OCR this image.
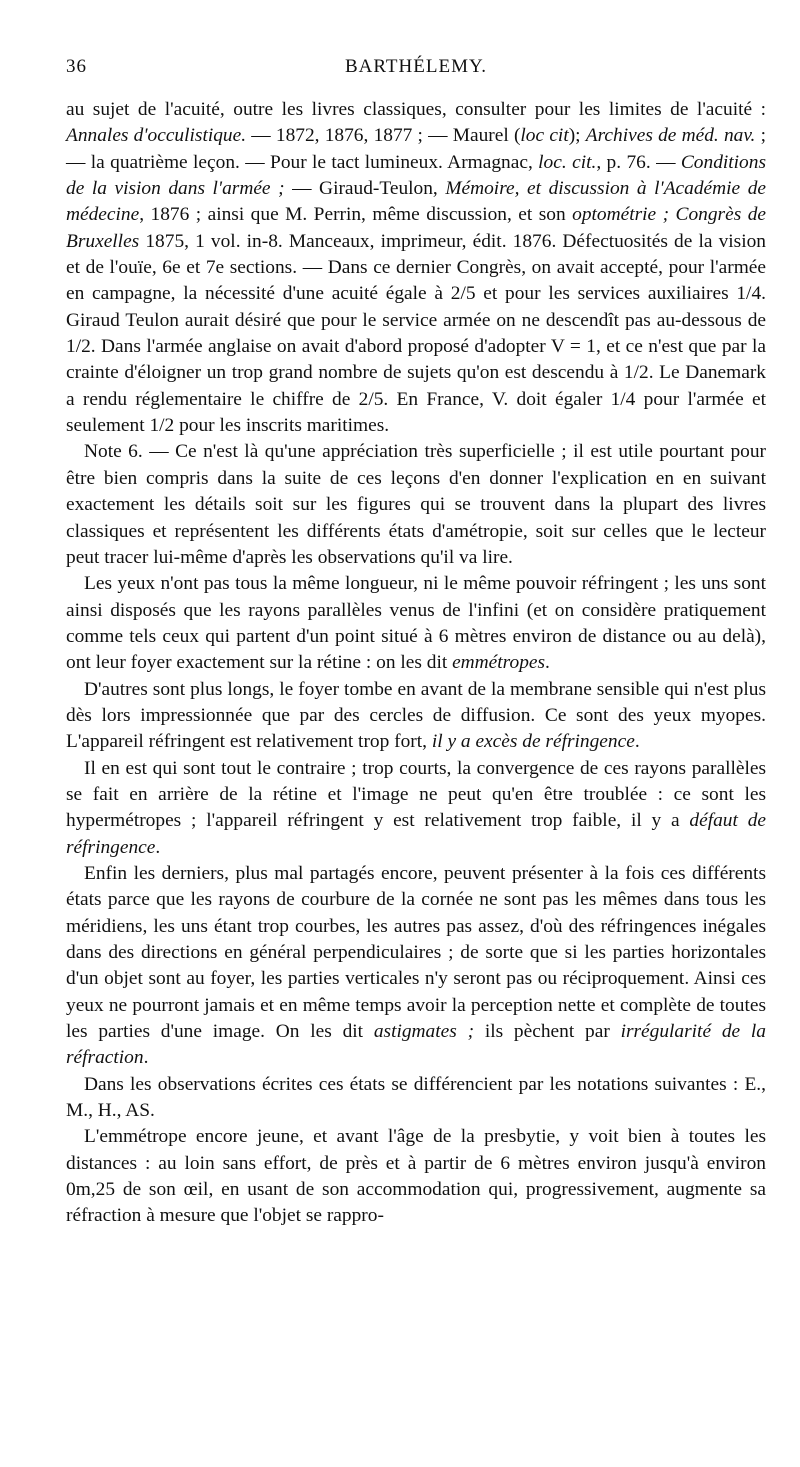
36	BARTHÉLEMY.

au sujet de l'acuité, outre les livres classiques, consulter pour les limites de l'acuité : Annales d'occulistique. — 1872, 1876, 1877 ; — Maurel (loc cit); Archives de méd. nav. ; — la quatrième leçon. — Pour le tact lumineux. Armagnac, loc. cit., p. 76. — Conditions de la vision dans l'armée ; — Giraud-Teulon, Mémoire, et discussion à l'Académie de médecine, 1876 ; ainsi que M. Perrin, même discussion, et son optométrie ; Congrès de Bruxelles 1875, 1 vol. in-8. Manceaux, imprimeur, édit. 1876. Défectuosités de la vision et de l'ouïe, 6e et 7e sections. — Dans ce dernier Congrès, on avait accepté, pour l'armée en campagne, la nécessité d'une acuité égale à 2/5 et pour les services auxiliaires 1/4. Giraud Teulon aurait désiré que pour le service armée on ne descendît pas au-dessous de 1/2. Dans l'armée anglaise on avait d'abord proposé d'adopter V = 1, et ce n'est que par la crainte d'éloigner un trop grand nombre de sujets qu'on est descendu à 1/2. Le Danemark a rendu réglementaire le chiffre de 2/5. En France, V. doit égaler 1/4 pour l'armée et seulement 1/2 pour les inscrits maritimes.

Note 6. — Ce n'est là qu'une appréciation très superficielle ; il est utile pourtant pour être bien compris dans la suite de ces leçons d'en donner l'explication en en suivant exactement les détails soit sur les figures qui se trouvent dans la plupart des livres classiques et représentent les différents états d'amétropie, soit sur celles que le lecteur peut tracer lui-même d'après les observations qu'il va lire.

Les yeux n'ont pas tous la même longueur, ni le même pouvoir réfringent ; les uns sont ainsi disposés que les rayons parallèles venus de l'infini (et on considère pratiquement comme tels ceux qui partent d'un point situé à 6 mètres environ de distance ou au delà), ont leur foyer exactement sur la rétine : on les dit emmétropes.

D'autres sont plus longs, le foyer tombe en avant de la membrane sensible qui n'est plus dès lors impressionnée que par des cercles de diffusion. Ce sont des yeux myopes. L'appareil réfringent est relativement trop fort, il y a excès de réfringence.

Il en est qui sont tout le contraire ; trop courts, la convergence de ces rayons parallèles se fait en arrière de la rétine et l'image ne peut qu'en être troublée : ce sont les hypermétropes ; l'appareil réfringent y est relativement trop faible, il y a défaut de réfringence.

Enfin les derniers, plus mal partagés encore, peuvent présenter à la fois ces différents états parce que les rayons de courbure de la cornée ne sont pas les mêmes dans tous les méridiens, les uns étant trop courbes, les autres pas assez, d'où des réfringences inégales dans des directions en général perpendiculaires ; de sorte que si les parties horizontales d'un objet sont au foyer, les parties verticales n'y seront pas ou réciproquement. Ainsi ces yeux ne pourront jamais et en même temps avoir la perception nette et complète de toutes les parties d'une image. On les dit astigmates ; ils pèchent par irrégularité de la réfraction.

Dans les observations écrites ces états se différencient par les notations suivantes : E., M., H., AS.

L'emmétrope encore jeune, et avant l'âge de la presbytie, y voit bien à toutes les distances : au loin sans effort, de près et à partir de 6 mètres environ jusqu'à environ 0m,25 de son œil, en usant de son accommodation qui, progressivement, augmente sa réfraction à mesure que l'objet se rappro-
